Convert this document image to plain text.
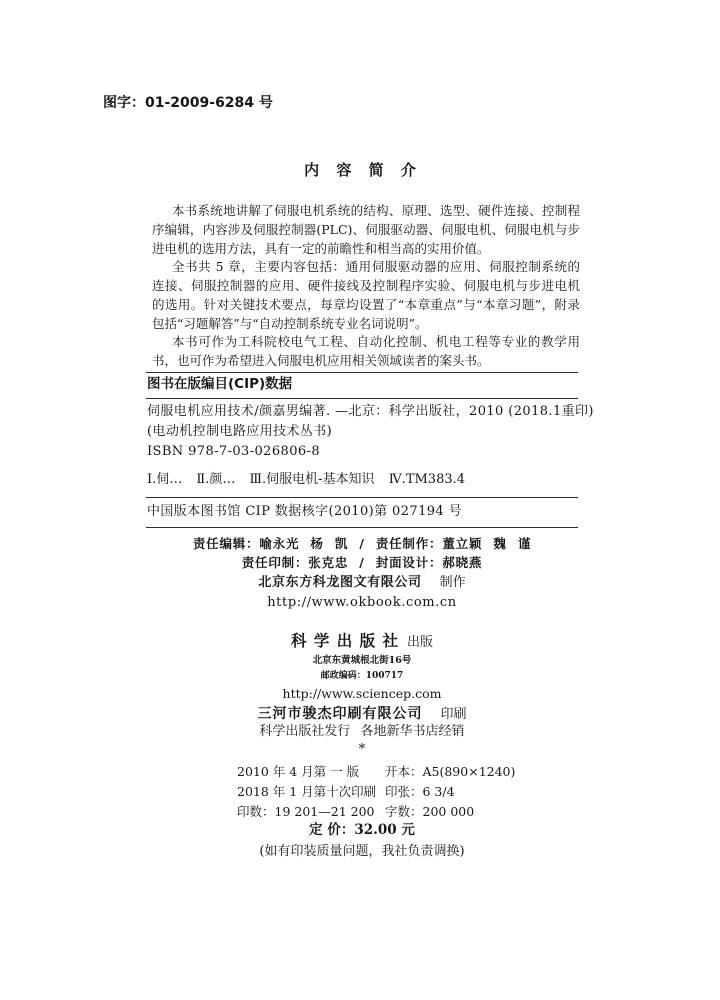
图字：01-2009-6284 号
内 容 简 介
本书系统地讲解了伺服电机系统的结构、原理、选型、硬件连接、控制程
序编辑，内容涉及伺服控制器(PLC)、伺服驱动器、伺服电机、伺服电机与步
进电机的选用方法，具有一定的前瞻性和相当高的实用价值。
全书共 5 章，主要内容包括：通用伺服驱动器的应用、伺服控制系统的
连接、伺服控制器的应用、硬件接线及控制程序实验、伺服电机与步进电机
的选用。针对关键技术要点，每章均设置了“本章重点”与“本章习题”，附录
包括“习题解答”与“自动控制系统专业名词说明”。
本书可作为工科院校电气工程、自动化控制、机电工程等专业的教学用
书，也可作为希望进入伺服电机应用相关领域读者的案头书。
图书在版编目(CIP)数据
伺服电机应用技术/颜嘉男编著. —北京：科学出版社，2010 (2018.1重印)
(电动机控制电路应用技术丛书)
ISBN 978-7-03-026806-8
Ⅰ.伺… Ⅱ.颜… Ⅲ.伺服电机-基本知识 Ⅳ.TM383.4
中国版本图书馆 CIP 数据核字(2010)第 027194 号
责任编辑：喻永光 杨 凯 / 责任制作：董立颖 魏 谨
责任印制：张克忠 / 封面设计：郝晓燕
北京东方科龙图文有限公司 制作
http://www.okbook.com.cn
科 学 出 版 社 出版
北京东黄城根北街16号
邮政编码：100717
http://www.sciencep.com
三河市骏杰印刷有限公司 印刷
科学出版社发行 各地新华书店经销
*
2010 年 4 月第 一 版	开本：A5(890×1240)
2018 年 1 月第十次印刷 印张：6 3/4
印数：19 201—21 200 字数：200 000
定 价：32.00 元
(如有印装质量问题，我社负责调换)
